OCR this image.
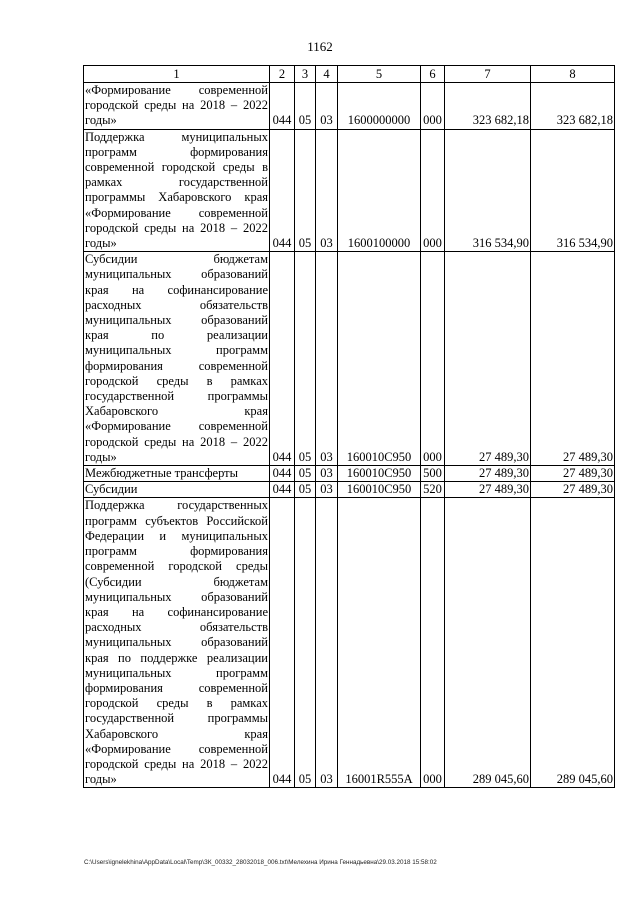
1162
1	2	3	4	5	6	7	8
«Формирование современной городской среды на 2018 – 2022 годы»	044	05	03	1600000000	000	323 682,18	323 682,18
Поддержка муниципальных программ формирования современной городской среды в рамках государственной программы Хабаровского края «Формирование современной городской среды на 2018 – 2022 годы»	044	05	03	1600100000	000	316 534,90	316 534,90
Субсидии бюджетам муниципальных образований края на софинансирование расходных обязательств муниципальных образований края по реализации муниципальных программ формирования современной городской среды в рамках государственной программы Хабаровского края «Формирование современной городской среды на 2018 – 2022 годы»	044	05	03	160010С950	000	27 489,30	27 489,30
Межбюджетные трансферты	044	05	03	160010С950	500	27 489,30	27 489,30
Субсидии	044	05	03	160010С950	520	27 489,30	27 489,30
Поддержка государственных программ субъектов Российской Федерации и муниципальных программ формирования современной городской среды (Субсидии бюджетам муниципальных образований края на софинансирование расходных обязательств муниципальных образований края по поддержке реализации муниципальных программ формирования современной городской среды в рамках государственной программы Хабаровского края «Формирование современной городской среды на 2018 – 2022 годы»	044	05	03	16001R555A	000	289 045,60	289 045,60
C:\Users\ignelekhina\AppData\Local\Temp\ЗК_00332_28032018_006.txt\Мелехина Ирина Геннадьевна\29.03.2018 15:58:02
